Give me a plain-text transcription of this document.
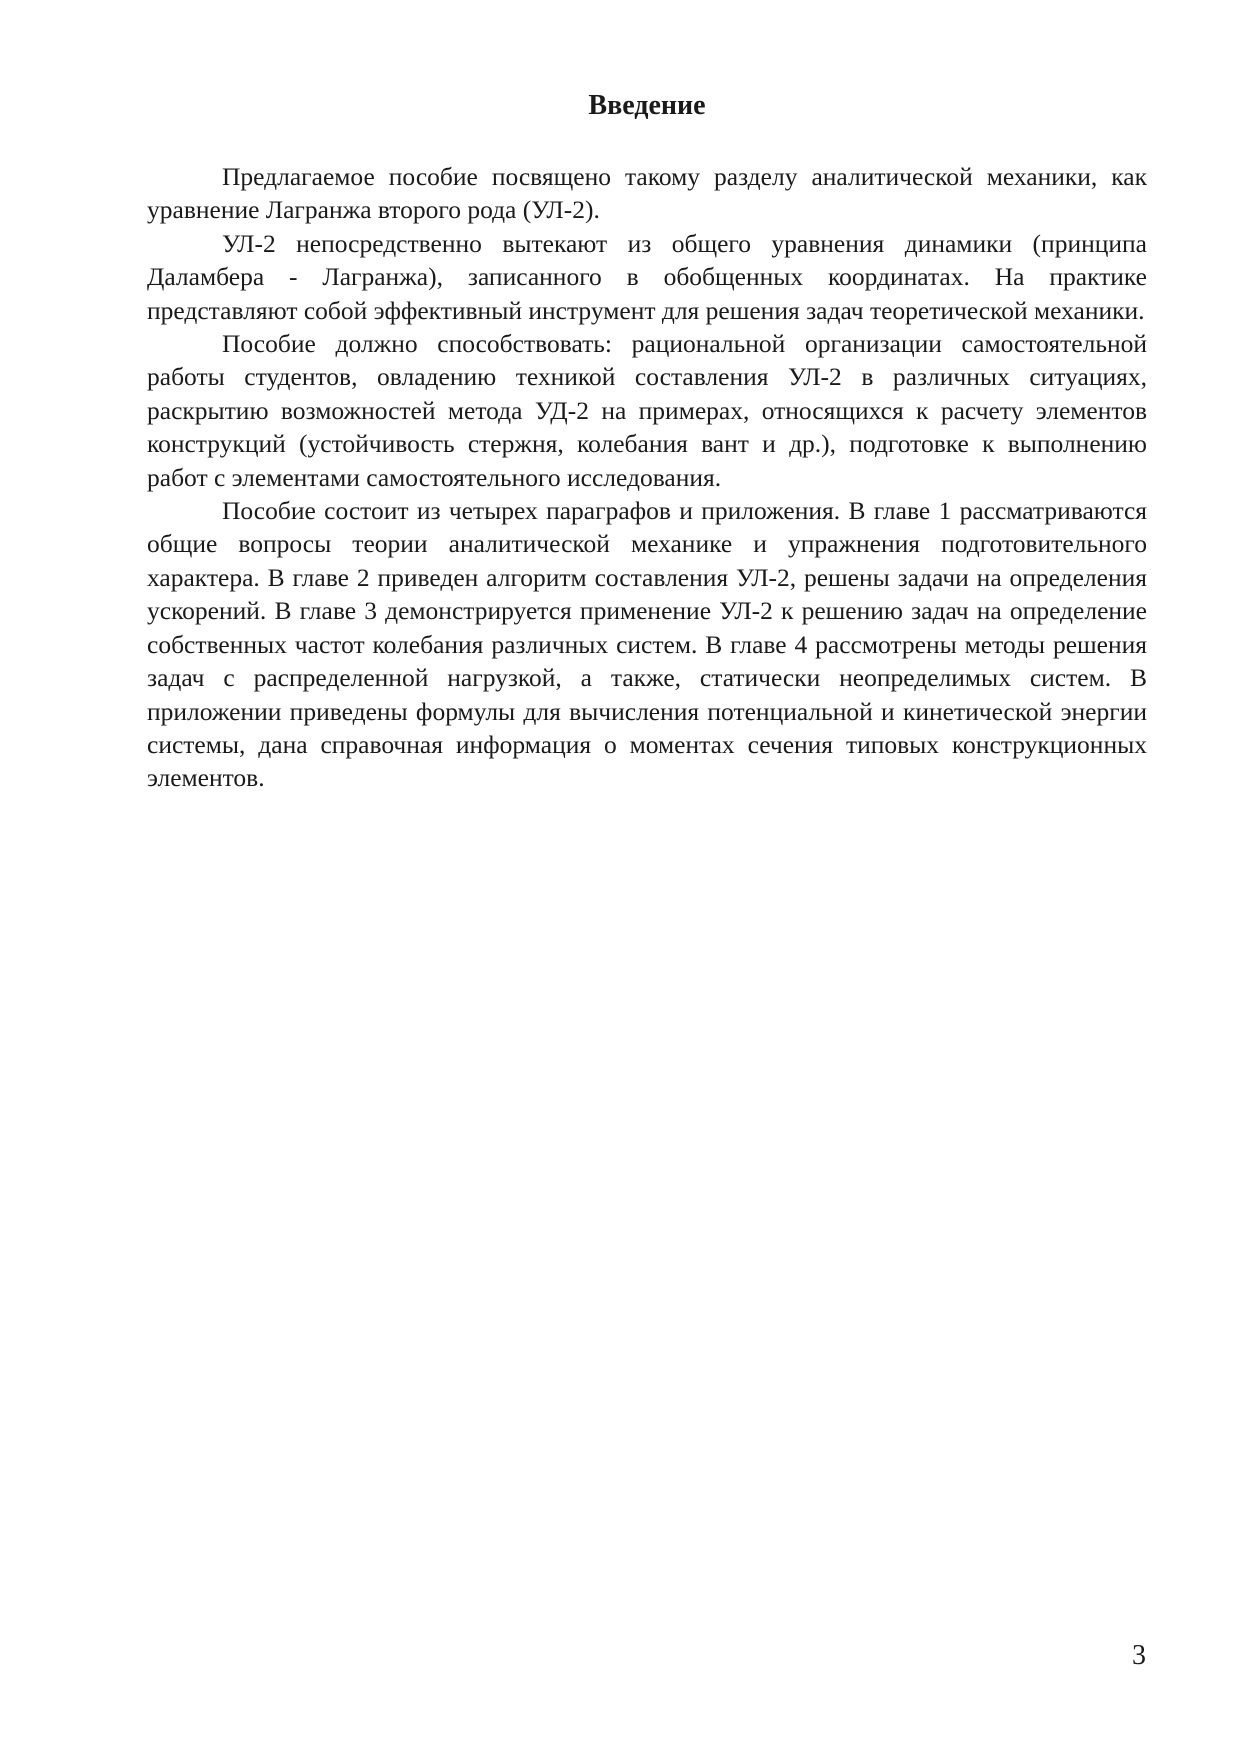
Введение

Предлагаемое пособие посвящено такому разделу аналитической механики, как уравнение Лагранжа второго рода (УЛ-2).

УЛ-2 непосредственно вытекают из общего уравнения динамики (принципа Даламбера - Лагранжа), записанного в обобщенных координатах. На практике представляют собой эффективный инструмент для решения задач теоретической механики.

Пособие должно способствовать: рациональной организации самостоятельной работы студентов, овладению техникой составления УЛ-2 в различных ситуациях, раскрытию возможностей метода УД-2 на примерах, относящихся к расчету элементов конструкций (устойчивость стержня, колебания вант и др.), подготовке к выполнению работ с элементами самостоятельного исследования.

Пособие состоит из четырех параграфов и приложения. В главе 1 рассматриваются общие вопросы теории аналитической механике и упражнения подготовительного характера. В главе 2 приведен алгоритм составления УЛ-2, решены задачи на определения ускорений. В главе 3 демонстрируется применение УЛ-2 к решению задач на определение собственных частот колебания различных систем. В главе 4 рассмотрены методы решения задач с распределенной нагрузкой, а также, статически неопределимых систем. В приложении приведены формулы для вычисления потенциальной и кинетической энергии системы, дана справочная информация о моментах сечения типовых конструкционных элементов.

3
